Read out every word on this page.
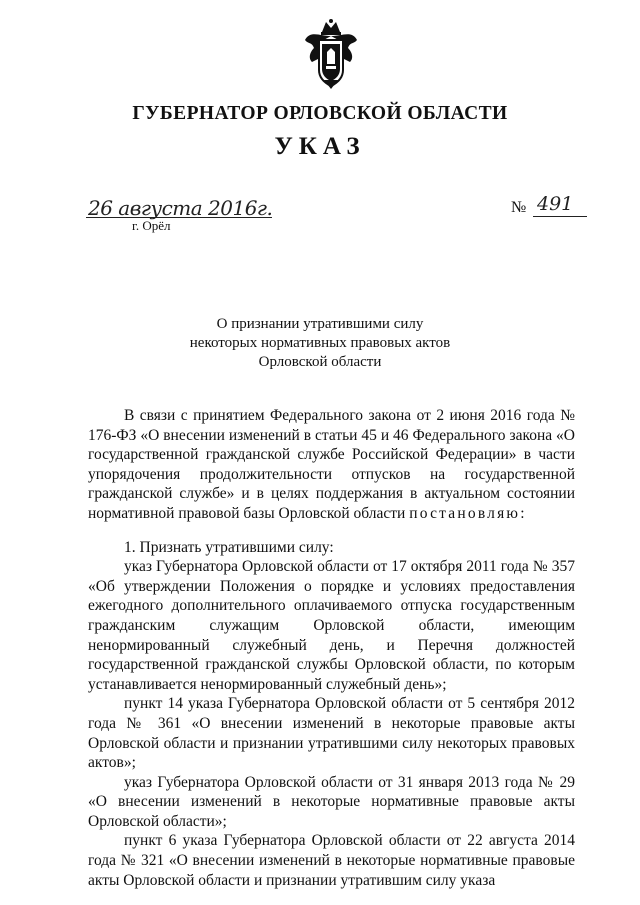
ГУБЕРНАТОР ОРЛОВСКОЙ ОБЛАСТИ
УКАЗ
26 августа 2016г.
г. Орёл
№ 491
О признании утратившими силу
некоторых нормативных правовых актов
Орловской области

В связи с принятием Федерального закона от 2 июня 2016 года № 176-ФЗ «О внесении изменений в статьи 45 и 46 Федерального закона «О государственной гражданской службе Российской Федерации» в части упорядочения продолжительности отпусков на государственной гражданской службе» и в целях поддержания в актуальном состоянии нормативной правовой базы Орловской области постановляю:

1. Признать утратившими силу:

указ Губернатора Орловской области от 17 октября 2011 года № 357 «Об утверждении Положения о порядке и условиях предоставления ежегодного дополнительного оплачиваемого отпуска государственным гражданским служащим Орловской области, имеющим ненормированный служебный день, и Перечня должностей государственной гражданской службы Орловской области, по которым устанавливается ненормированный служебный день»;

пункт 14 указа Губернатора Орловской области от 5 сентября 2012 года № 361 «О внесении изменений в некоторые правовые акты Орловской области и признании утратившими силу некоторых правовых актов»;

указ Губернатора Орловской области от 31 января 2013 года № 29 «О внесении изменений в некоторые нормативные правовые акты Орловской области»;

пункт 6 указа Губернатора Орловской области от 22 августа 2014 года № 321 «О внесении изменений в некоторые нормативные правовые акты Орловской области и признании утратившим силу указа
